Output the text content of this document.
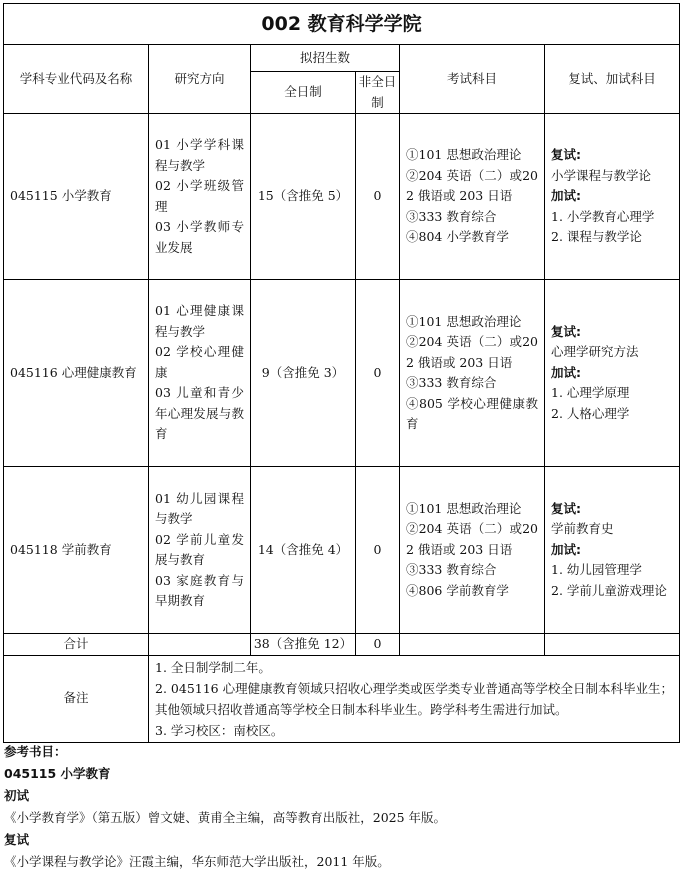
002 教育科学学院					
学科专业代码及名称	研究方向	拟招生数		考试科目	复试、加试科目
		全日制	非全日制		
045115 小学教育	01 小学学科课程与教学
02 小学班级管理
03 小学教师专业发展	15（含推免 5）	0	①101 思想政治理论
②204 英语（二）或202 俄语或 203 日语
③333 教育综合
④804 小学教育学	复试:
小学课程与教学论
加试:
1. 小学教育心理学
2. 课程与教学论

045116 心理健康教育	01 心理健康课程与教学
02 学校心理健康
03 儿童和青少年心理发展与教育	9（含推免 3）	0	①101 思想政治理论
②204 英语（二）或202 俄语或 203 日语
③333 教育综合
④805 学校心理健康教育	复试:
心理学研究方法
加试:
1. 心理学原理
2. 人格心理学

045118 学前教育	01 幼儿园课程与教学
02 学前儿童发展与教育
03 家庭教育与早期教育	14（含推免 4）	0	①101 思想政治理论
②204 英语（二）或202 俄语或 203 日语
③333 教育综合
④806 学前教育学	复试:
学前教育史
加试:
1. 幼儿园管理学
2. 学前儿童游戏理论

合计		38（含推免 12）	0		
备注	1. 全日制学制二年。
2. 045116 心理健康教育领域只招收心理学类或医学类专业普通高等学校全日制本科毕业生；其他领域只招收普通高等学校全日制本科毕业生。跨学科考生需进行加试。
3. 学习校区：南校区。				
参考书目：
045115 小学教育
初试
《小学教育学》（第五版）曾文婕、黄甫全主编，高等教育出版社，2025 年版。
复试
《小学课程与教学论》汪霞主编，华东师范大学出版社，2011 年版。
